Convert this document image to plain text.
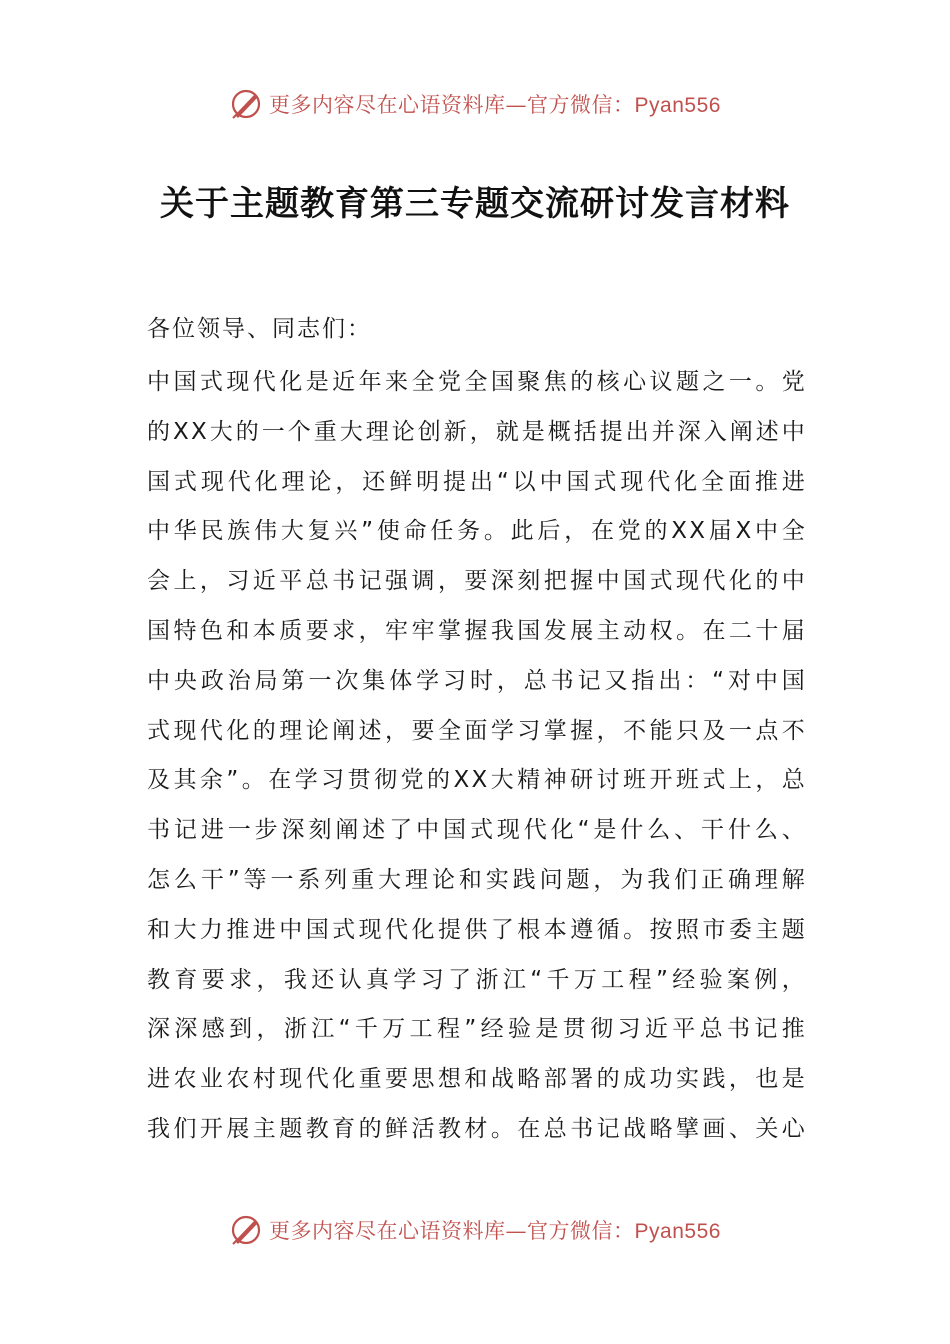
更多内容尽在心语资料库—官方微信：Pyan556
关于主题教育第三专题交流研讨发言材料
各位领导、同志们：
中国式现代化是近年来全党全国聚焦的核心议题之一。党
的XX大的一个重大理论创新，就是概括提出并深入阐述中
国式现代化理论，还鲜明提出“以中国式现代化全面推进
中华民族伟大复兴”使命任务。此后，在党的XX届X中全
会上，习近平总书记强调，要深刻把握中国式现代化的中
国特色和本质要求，牢牢掌握我国发展主动权。在二十届
中央政治局第一次集体学习时，总书记又指出：“对中国
式现代化的理论阐述，要全面学习掌握，不能只及一点不
及其余”。在学习贯彻党的XX大精神研讨班开班式上，总
书记进一步深刻阐述了中国式现代化“是什么、干什么、
怎么干”等一系列重大理论和实践问题，为我们正确理解
和大力推进中国式现代化提供了根本遵循。按照市委主题
教育要求，我还认真学习了浙江“千万工程”经验案例，
深深感到，浙江“千万工程”经验是贯彻习近平总书记推
进农业农村现代化重要思想和战略部署的成功实践，也是
我们开展主题教育的鲜活教材。在总书记战略擘画、关心
更多内容尽在心语资料库—官方微信：Pyan556
